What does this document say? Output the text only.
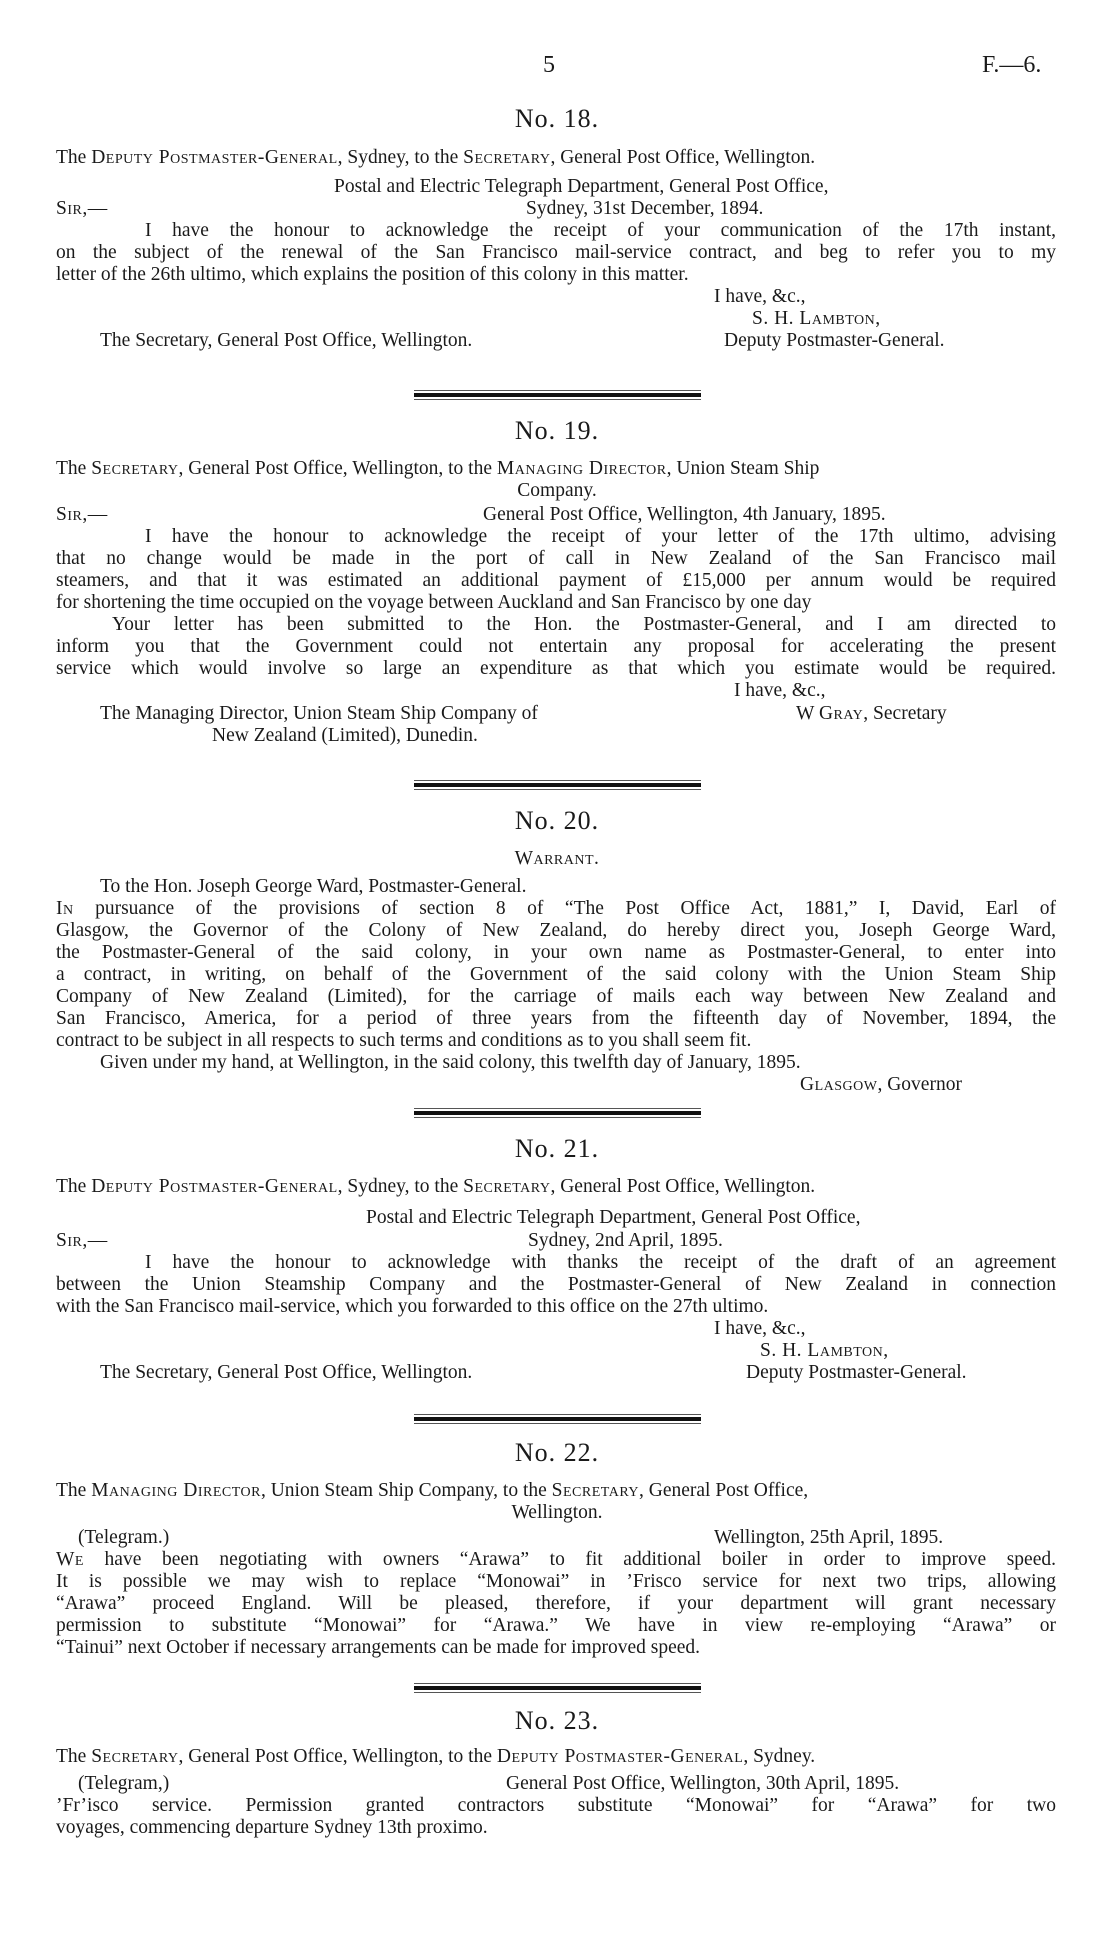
5	F.—6.
No. 18.
The Deputy Postmaster-General, Sydney, to the Secretary, General Post Office, Wellington.
Postal and Electric Telegraph Department, General Post Office,
Sir,—	Sydney, 31st December, 1894.
I have the honour to acknowledge the receipt of your communication of the 17th instant,
on the subject of the renewal of the San Francisco mail-service contract, and beg to refer you to my
letter of the 26th ultimo, which explains the position of this colony in this matter.
I have, &c.,
S. H. Lambton,
The Secretary, General Post Office, Wellington.	Deputy Postmaster-General.
No. 19.
The Secretary, General Post Office, Wellington, to the Managing Director, Union Steam Ship
Company.
Sir,—	General Post Office, Wellington, 4th January, 1895.
I have the honour to acknowledge the receipt of your letter of the 17th ultimo, advising
that no change would be made in the port of call in New Zealand of the San Francisco mail
steamers, and that it was estimated an additional payment of £15,000 per annum would be required
for shortening the time occupied on the voyage between Auckland and San Francisco by one day
Your letter has been submitted to the Hon. the Postmaster-General, and I am directed to
inform you that the Government could not entertain any proposal for accelerating the present
service which would involve so large an expenditure as that which you estimate would be required.
I have, &c.,
The Managing Director, Union Steam Ship Company of	W Gray, Secretary
New Zealand (Limited), Dunedin.
No. 20.
Warrant.
To the Hon. Joseph George Ward, Postmaster-General.
In pursuance of the provisions of section 8 of “The Post Office Act, 1881,” I, David, Earl of
Glasgow, the Governor of the Colony of New Zealand, do hereby direct you, Joseph George Ward,
the Postmaster-General of the said colony, in your own name as Postmaster-General, to enter into
a contract, in writing, on behalf of the Government of the said colony with the Union Steam Ship
Company of New Zealand (Limited), for the carriage of mails each way between New Zealand and
San Francisco, America, for a period of three years from the fifteenth day of November, 1894, the
contract to be subject in all respects to such terms and conditions as to you shall seem fit.
Given under my hand, at Wellington, in the said colony, this twelfth day of January, 1895.
Glasgow, Governor
No. 21.
The Deputy Postmaster-General, Sydney, to the Secretary, General Post Office, Wellington.
Postal and Electric Telegraph Department, General Post Office,
Sir,—	Sydney, 2nd April, 1895.
I have the honour to acknowledge with thanks the receipt of the draft of an agreement
between the Union Steamship Company and the Postmaster-General of New Zealand in connection
with the San Francisco mail-service, which you forwarded to this office on the 27th ultimo.
I have, &c.,
S. H. Lambton,
The Secretary, General Post Office, Wellington.	Deputy Postmaster-General.
No. 22.
The Managing Director, Union Steam Ship Company, to the Secretary, General Post Office,
Wellington.
(Telegram.)	Wellington, 25th April, 1895.
We have been negotiating with owners “Arawa” to fit additional boiler in order to improve speed.
It is possible we may wish to replace “Monowai” in ’Frisco service for next two trips, allowing
“Arawa” proceed England. Will be pleased, therefore, if your department will grant necessary
permission to substitute “Monowai” for “Arawa.” We have in view re-employing “Arawa” or
“Tainui” next October if necessary arrangements can be made for improved speed.
No. 23.
The Secretary, General Post Office, Wellington, to the Deputy Postmaster-General, Sydney.
(Telegram,)	General Post Office, Wellington, 30th April, 1895.
’Fr’isco service. Permission granted contractors substitute “Monowai” for “Arawa” for two
voyages, commencing departure Sydney 13th proximo.
